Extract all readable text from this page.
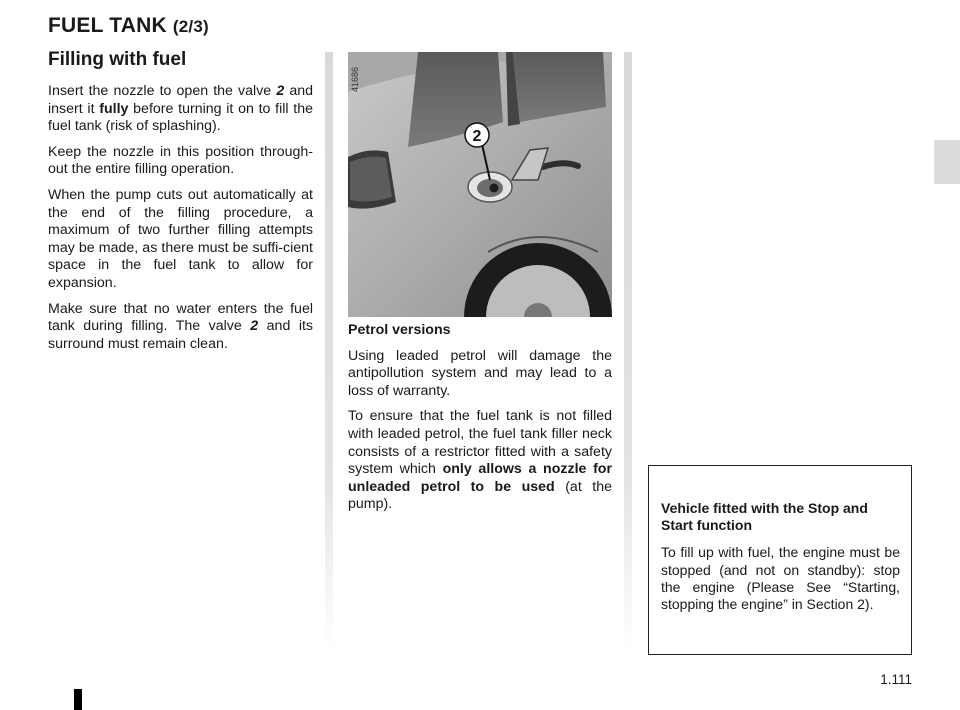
FUEL TANK (2/3)
Filling with fuel

Insert the nozzle to open the valve 2 and insert it fully before turning it on to fill the fuel tank (risk of splashing).

Keep the nozzle in this position through-out the entire filling operation.

When the pump cuts out automatically at the end of the filling procedure, a maximum of two further filling attempts may be made, as there must be suffi-cient space in the fuel tank to allow for expansion.

Make sure that no water enters the fuel tank during filling. The valve 2 and its surround must remain clean.

2
41686
Petrol versions

Using leaded petrol will damage the antipollution system and may lead to a loss of warranty.

To ensure that the fuel tank is not filled with leaded petrol, the fuel tank filler neck consists of a restrictor fitted with a safety system which only allows a nozzle for unleaded petrol to be used (at the pump).	Vehicle fitted with the Stop and Start function

To fill up with fuel, the engine must be stopped (and not on standby): stop the engine (Please See “Starting, stopping the engine” in Section 2).

1.111
